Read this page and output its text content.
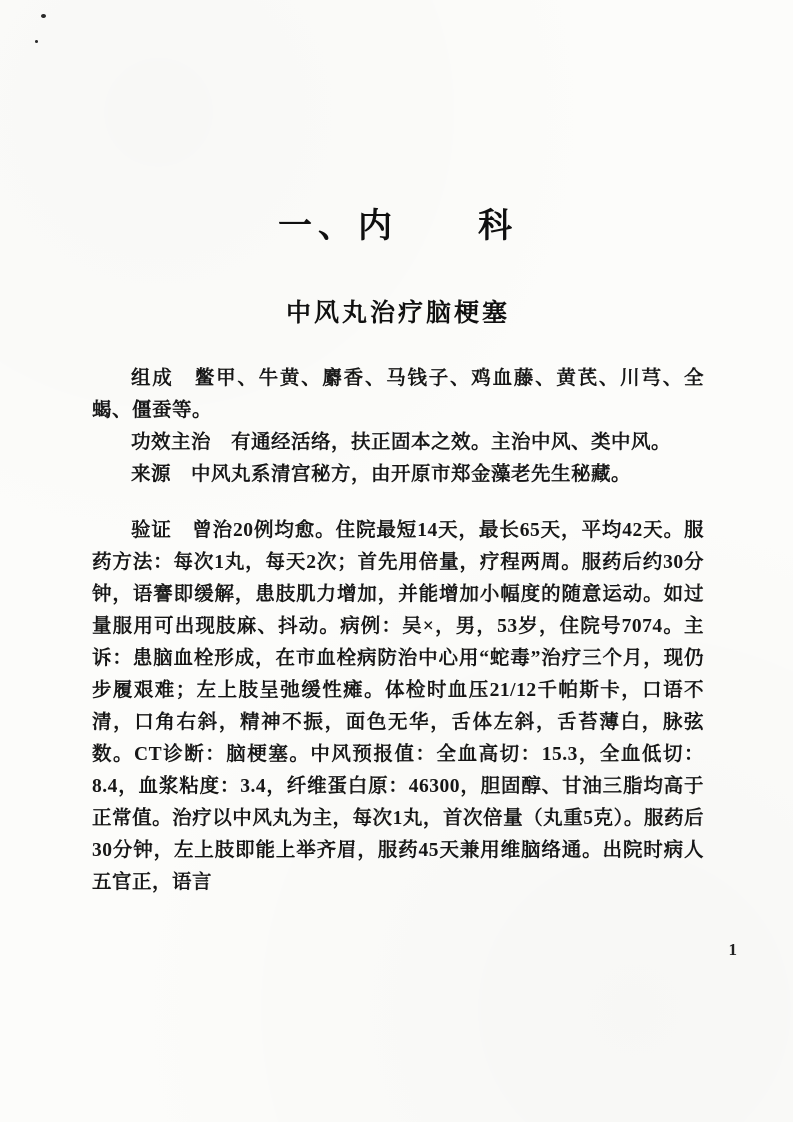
一、内　　科
中风丸治疗脑梗塞

组成　鳖甲、牛黄、麝香、马钱子、鸡血藤、黄芪、川芎、全蝎、僵蚕等。

功效主治　有通经活络，扶正固本之效。主治中风、类中风。

来源　中风丸系清宫秘方，由开原市郑金藻老先生秘藏。

验证　曾治20例均愈。住院最短14天，最长65天，平均42天。服药方法：每次1丸，每天2次；首先用倍量，疗程两周。服药后约30分钟，语謇即缓解，患肢肌力增加，并能增加小幅度的随意运动。如过量服用可出现肢麻、抖动。病例：吴×，男，53岁，住院号7074。主诉：患脑血栓形成，在市血栓病防治中心用“蛇毒”治疗三个月，现仍步履艰难；左上肢呈弛缓性瘫。体检时血压21/12千帕斯卡，口语不清，口角右斜，精神不振，面色无华，舌体左斜，舌苔薄白，脉弦数。CT诊断：脑梗塞。中风预报值：全血高切：15.3，全血低切：8.4，血浆粘度：3.4，纤维蛋白原：46300，胆固醇、甘油三脂均高于正常值。治疗以中风丸为主，每次1丸，首次倍量（丸重5克）。服药后30分钟，左上肢即能上举齐眉，服药45天兼用维脑络通。出院时病人五官正，语言

1
